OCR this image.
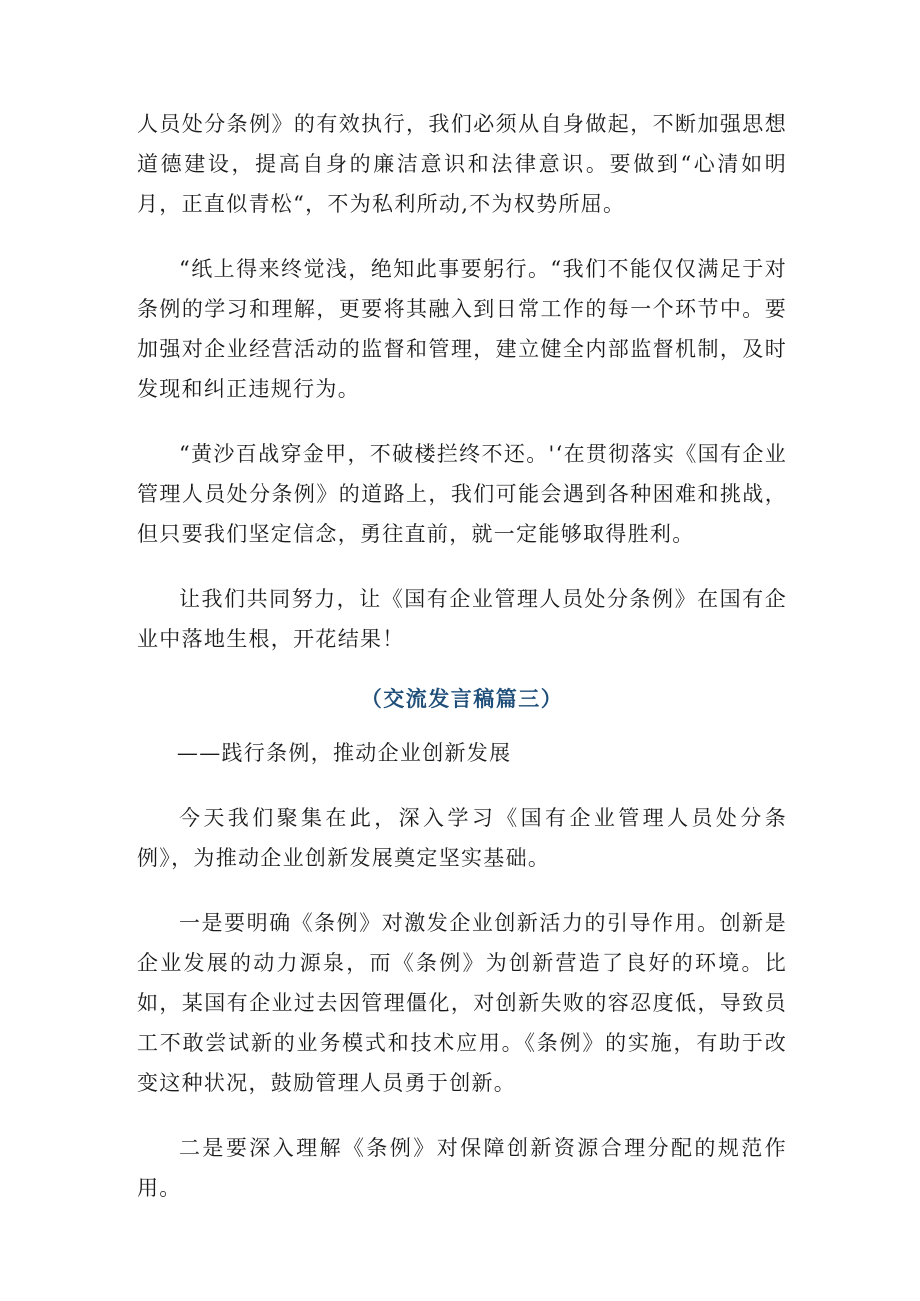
人员处分条例》的有效执行，我们必须从自身做起，不断加强思想道德建设，提高自身的廉洁意识和法律意识。要做到“心清如明月，正直似青松“，不为私利所动,不为权势所屈。

“纸上得来终觉浅，绝知此事要躬行。“我们不能仅仅满足于对条例的学习和理解，更要将其融入到日常工作的每一个环节中。要加强对企业经营活动的监督和管理，建立健全内部监督机制，及时发现和纠正违规行为。

“黄沙百战穿金甲，不破楼拦终不还。'‘在贯彻落实《国有企业管理人员处分条例》的道路上，我们可能会遇到各种困难和挑战，但只要我们坚定信念，勇往直前，就一定能够取得胜利。

让我们共同努力，让《国有企业管理人员处分条例》在国有企业中落地生根，开花结果！

（交流发言稿篇三）

——践行条例，推动企业创新发展

今天我们聚集在此，深入学习《国有企业管理人员处分条例》，为推动企业创新发展奠定坚实基础。

一是要明确《条例》对激发企业创新活力的引导作用。创新是企业发展的动力源泉，而《条例》为创新营造了良好的环境。比如，某国有企业过去因管理僵化，对创新失败的容忍度低，导致员工不敢尝试新的业务模式和技术应用。《条例》的实施，有助于改变这种状况，鼓励管理人员勇于创新。

二是要深入理解《条例》对保障创新资源合理分配的规范作用。
